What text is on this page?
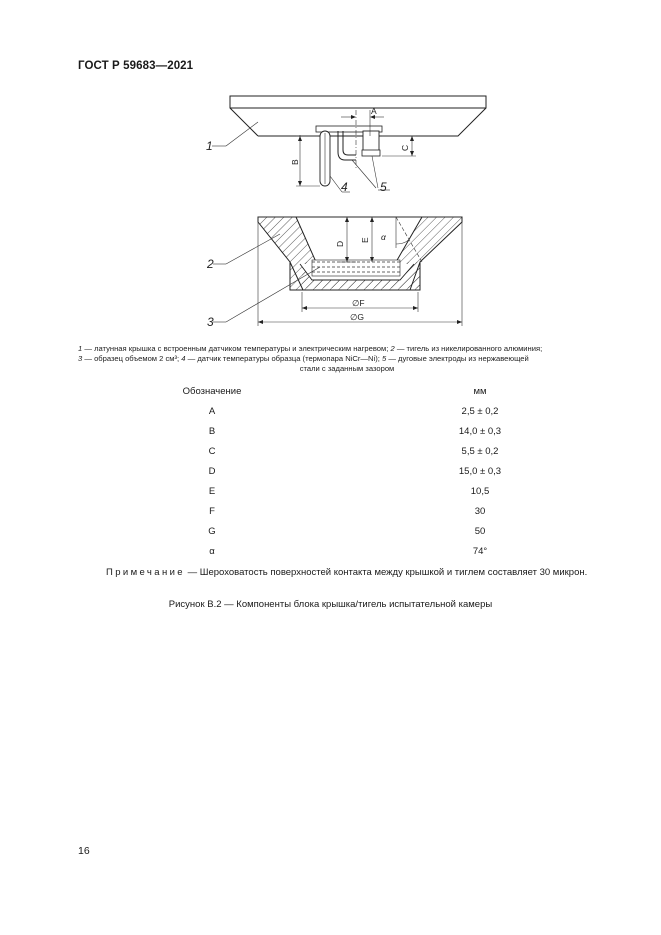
ГОСТ Р 59683—2021
A
B
C
1
4	5
D
E α
∅F
∅G
2
3
1 — латунная крышка с встроенным датчиком температуры и электрическим нагревом; 2 — тигель из никелированного алюминия;
3 — образец объемом 2 см³; 4 — датчик температуры образца (термопара NiCr—Ni); 5 — дуговые электроды из нержавеющей
стали с заданным зазором
Обозначение	мм
A	2,5 ± 0,2
B	14,0 ± 0,3
C	5,5 ± 0,2
D	15,0 ± 0,3
E	10,5
F	30
G	50
α	74°
Примечание — Шероховатость поверхностей контакта между крышкой и тиглем составляет 30 микрон.
Рисунок B.2 — Компоненты блока крышка/тигель испытательной камеры
16
